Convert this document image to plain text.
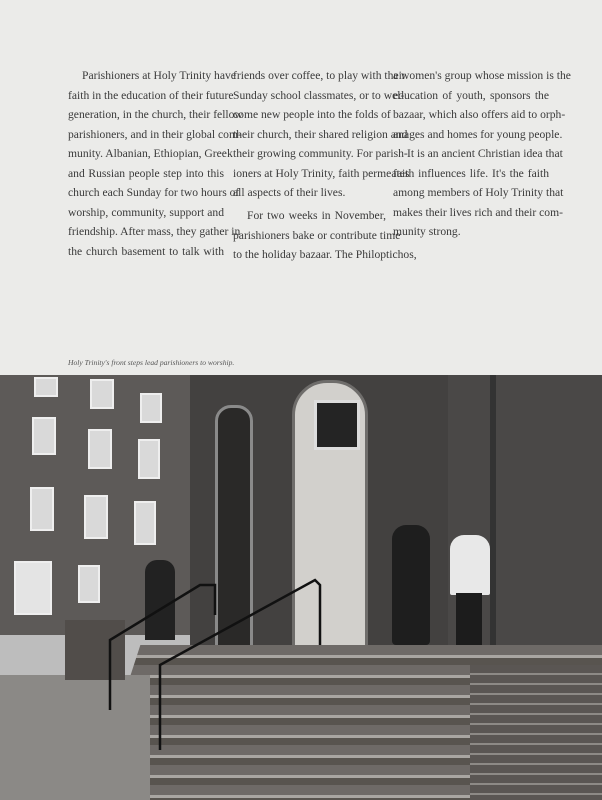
Parishioners at Holy Trinity have
faith in the education of their future
generation, in the church, their fellow
parishioners, and in their global com-
munity. Albanian, Ethiopian, Greek
and Russian people step into this
church each Sunday for two hours of
worship, community, support and
friendship. After mass, they gather in
the church basement to talk with
friends over coffee, to play with their
Sunday school classmates, or to wel-
come new people into the folds of
their church, their shared religion and
their growing community. For parish-
ioners at Holy Trinity, faith permeates
all aspects of their lives.
For two weeks in November,
parishioners bake or contribute time
to the holiday bazaar. The Philoptichos,
a women's group whose mission is the
education of youth, sponsors the
bazaar, which also offers aid to orph-
anages and homes for young people.
It is an ancient Christian idea that
faith influences life. It's the faith
among members of Holy Trinity that
makes their lives rich and their com-
munity strong.
Holy Trinity's front steps lead parishioners to worship.
